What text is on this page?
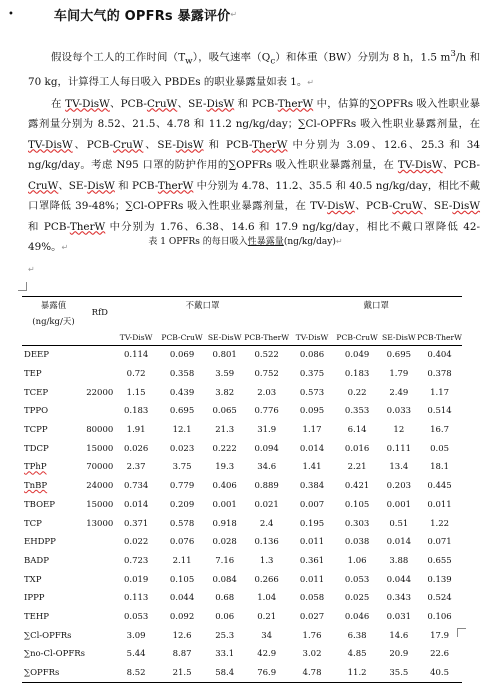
•	车间大气的 OPFRs 暴露评价 ↵

假设每个工人的工作时间$(T_w)$，吸气速率$(Q_c)$和体重（BW）分别为 8 h，1.5 $m^3/h$ 和 70 kg，计算得工人每日吸入 PBDEs 的职业暴露量如表 1。↵

在 TV-DisW、PCB-CruW、SE-DisW 和 PCB-TherW 中，估算的∑OPFRs 吸入性职业暴露剂量分别为 8.52、21.5、4.78 和 11.2 ng/kg/day；∑Cl-OPFRs 吸入性职业暴露剂量，在 TV-DisW、PCB-CruW、SE-DisW 和 PCB-TherW 中分别为 3.09、12.6、25.3 和 34 ng/kg/day。考虑 N95 口罩的防护作用的∑OPFRs 吸入性职业暴露剂量，在 TV-DisW、PCB-CruW、SE-DisW 和 PCB-TherW 中分别为 4.78、11.2、35.5 和 40.5 ng/kg/day，相比不戴口罩降低 39-48%；∑Cl-OPFRs 吸入性职业暴露剂量，在 TV-DisW、PCB-CruW、SE-DisW 和 PCB-TherW 中分别为 1.76、6.38、14.6 和 17.9 ng/kg/day，相比不戴口罩降低 42-49%。↵

↵

表 1 OPFRs 的每日吸入性暴露量(ng/kg/day)↵
暴露值	RfD	不戴口罩				戴口罩			
(ng/kg/天)									
		TV-DisW	PCB-CruW	SE-DisW	PCB-TherW	TV-DisW	PCB-CruW	SE-DisW	PCB-TherW
DEEP		0.114	0.069	0.801	0.522	0.086	0.049	0.695	0.404
TEP		0.72	0.358	3.59	0.752	0.375	0.183	1.79	0.378
TCEP	22000	1.15	0.439	3.82	2.03	0.573	0.22	2.49	1.17
TPPO		0.183	0.695	0.065	0.776	0.095	0.353	0.033	0.514
TCPP	80000	1.91	12.1	21.3	31.9	1.17	6.14	12	16.7
TDCP	15000	0.026	0.023	0.222	0.094	0.014	0.016	0.111	0.05
TPhP	70000	2.37	3.75	19.3	34.6	1.41	2.21	13.4	18.1
TnBP	24000	0.734	0.779	0.406	0.889	0.384	0.421	0.203	0.445
TBOEP	15000	0.014	0.209	0.001	0.021	0.007	0.105	0.001	0.011
TCP	13000	0.371	0.578	0.918	2.4	0.195	0.303	0.51	1.22
EHDPP		0.022	0.076	0.028	0.136	0.011	0.038	0.014	0.071
BADP		0.723	2.11	7.16	1.3	0.361	1.06	3.88	0.655
TXP		0.019	0.105	0.084	0.266	0.011	0.053	0.044	0.139
IPPP		0.113	0.044	0.68	1.04	0.058	0.025	0.343	0.524
TEHP		0.053	0.092	0.06	0.21	0.027	0.046	0.031	0.106
∑Cl-OPFRs		3.09	12.6	25.3	34	1.76	6.38	14.6	17.9
∑no-Cl-OPFRs		5.44	8.87	33.1	42.9	3.02	4.85	20.9	22.6
∑OPFRs		8.52	21.5	58.4	76.9	4.78	11.2	35.5	40.5
